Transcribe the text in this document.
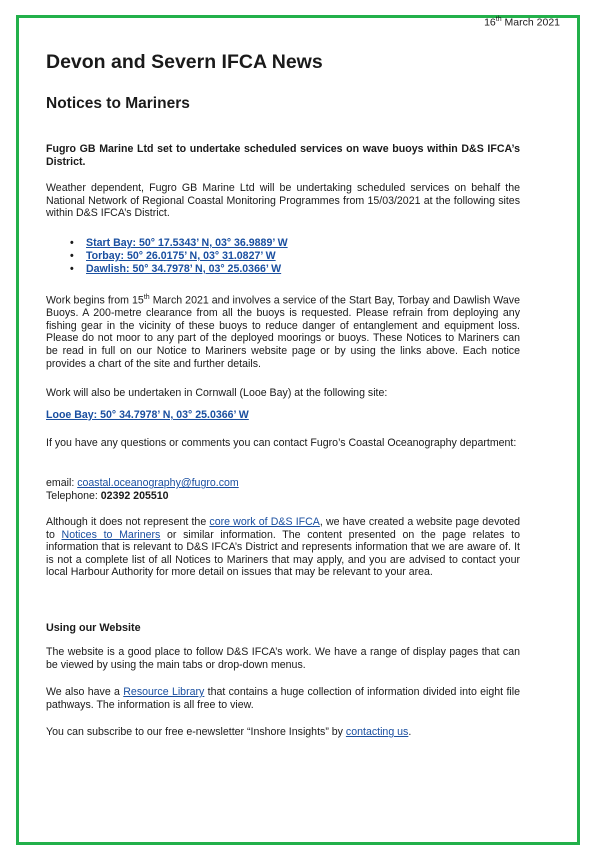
16th March 2021
Devon and Severn IFCA News
Notices to Mariners

Fugro GB Marine Ltd set to undertake scheduled services on wave buoys within D&S IFCA’s District.

Weather dependent, Fugro GB Marine Ltd will be undertaking scheduled services on behalf the National Network of Regional Coastal Monitoring Programmes from 15/03/2021 at the following sites within D&S IFCA’s District.

• Start Bay: 50° 17.5343’ N, 03° 36.9889’ W
• Torbay: 50° 26.0175’ N, 03° 31.0827’ W
• Dawlish: 50° 34.7978’ N, 03° 25.0366’ W

Work begins from 15th March 2021 and involves a service of the Start Bay, Torbay and Dawlish Wave Buoys. A 200-metre clearance from all the buoys is requested. Please refrain from deploying any fishing gear in the vicinity of these buoys to reduce danger of entanglement and equipment loss. Please do not moor to any part of the deployed moorings or buoys. These Notices to Mariners can be read in full on our Notice to Mariners website page or by using the links above. Each notice provides a chart of the site and further details.

Work will also be undertaken in Cornwall (Looe Bay) at the following site:

Looe Bay: 50° 34.7978’ N, 03° 25.0366’ W

If you have any questions or comments you can contact Fugro’s Coastal Oceanography department:

email: coastal.oceanography@fugro.com
Telephone: 02392 205510

Although it does not represent the core work of D&S IFCA, we have created a website page devoted to Notices to Mariners or similar information. The content presented on the page relates to information that is relevant to D&S IFCA’s District and represents information that we are aware of. It is not a complete list of all Notices to Mariners that may apply, and you are advised to contact your local Harbour Authority for more detail on issues that may be relevant to your area.

Using our Website

The website is a good place to follow D&S IFCA’s work. We have a range of display pages that can be viewed by using the main tabs or drop-down menus.

We also have a Resource Library that contains a huge collection of information divided into eight file pathways. The information is all free to view.

You can subscribe to our free e-newsletter “Inshore Insights” by contacting us.
